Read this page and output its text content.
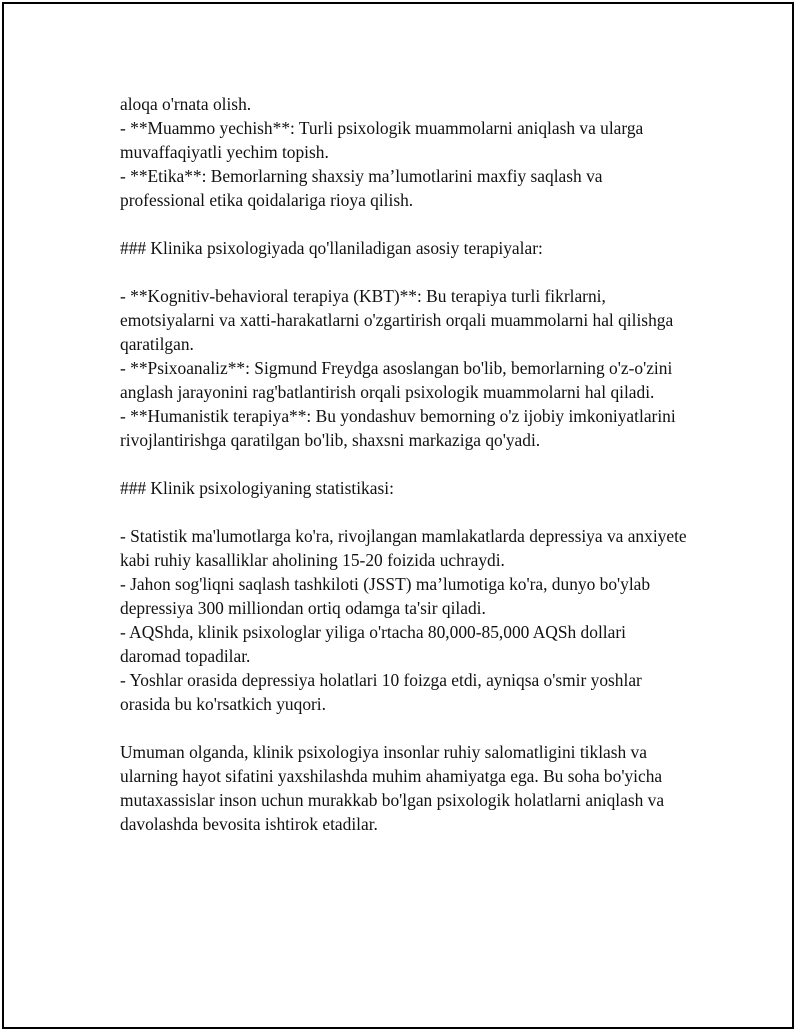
aloqa o'rnata olish.

- **Muammo yechish**: Turli psixologik muammolarni aniqlash va ularga muvaffaqiyatli yechim topish.

- **Etika**: Bemorlarning shaxsiy ma’lumotlarini maxfiy saqlash va professional etika qoidalariga rioya qilish.

### Klinika psixologiyada qo'llaniladigan asosiy terapiyalar:

- **Kognitiv-behavioral terapiya (KBT)**: Bu terapiya turli fikrlarni, emotsiyalarni va xatti-harakatlarni o'zgartirish orqali muammolarni hal qilishga qaratilgan.

- **Psixoanaliz**: Sigmund Freydga asoslangan bo'lib, bemorlarning o'z-o'zini anglash jarayonini rag'batlantirish orqali psixologik muammolarni hal qiladi.

- **Humanistik terapiya**: Bu yondashuv bemorning o'z ijobiy imkoniyatlarini rivojlantirishga qaratilgan bo'lib, shaxsni markaziga qo'yadi.

### Klinik psixologiyaning statistikasi:

- Statistik ma'lumotlarga ko'ra, rivojlangan mamlakatlarda depressiya va anxiyete kabi ruhiy kasalliklar aholining 15-20 foizida uchraydi.

- Jahon sog'liqni saqlash tashkiloti (JSST) ma’lumotiga ko'ra, dunyo bo'ylab depressiya 300 milliondan ortiq odamga ta'sir qiladi.

- AQShda, klinik psixologlar yiliga o'rtacha 80,000-85,000 AQSh dollari daromad topadilar.

- Yoshlar orasida depressiya holatlari 10 foizga etdi, ayniqsa o'smir yoshlar orasida bu ko'rsatkich yuqori.

Umuman olganda, klinik psixologiya insonlar ruhiy salomatligini tiklash va ularning hayot sifatini yaxshilashda muhim ahamiyatga ega. Bu soha bo'yicha mutaxassislar inson uchun murakkab bo'lgan psixologik holatlarni aniqlash va davolashda bevosita ishtirok etadilar.
